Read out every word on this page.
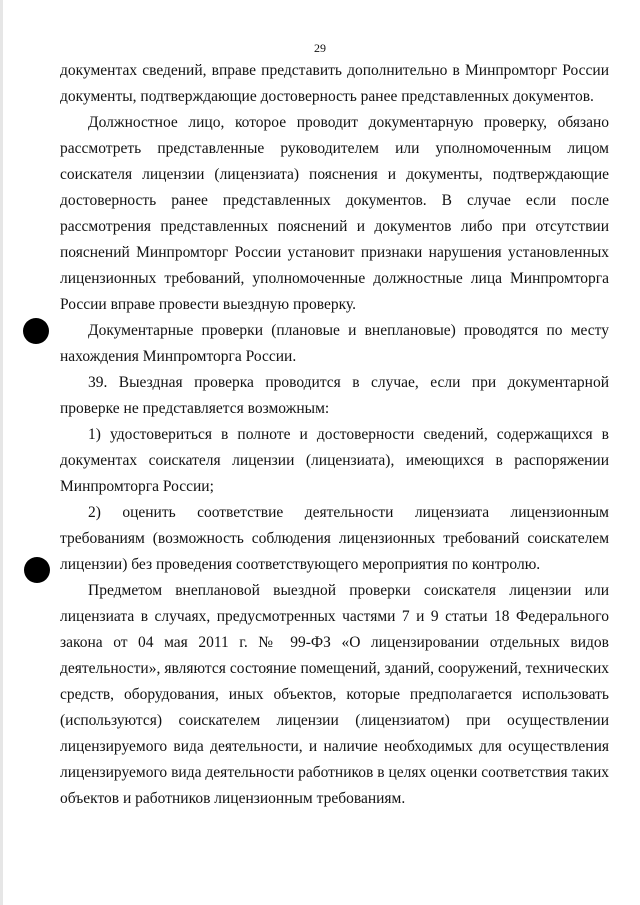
29

документах сведений, вправе представить дополнительно в Минпромторг России документы, подтверждающие достоверность ранее представленных документов.

Должностное лицо, которое проводит документарную проверку, обязано рассмотреть представленные руководителем или уполномоченным лицом соискателя лицензии (лицензиата) пояснения и документы, подтверждающие достоверность ранее представленных документов. В случае если после рассмотрения представленных пояснений и документов либо при отсутствии пояснений Минпромторг России установит признаки нарушения установленных лицензионных требований, уполномоченные должностные лица Минпромторга России вправе провести выездную проверку.

Документарные проверки (плановые и внеплановые) проводятся по месту нахождения Минпромторга России.

39. Выездная проверка проводится в случае, если при документарной проверке не представляется возможным:

1) удостовериться в полноте и достоверности сведений, содержащихся в документах соискателя лицензии (лицензиата), имеющихся в распоряжении Минпромторга России;

2) оценить соответствие деятельности лицензиата лицензионным требованиям (возможность соблюдения лицензионных требований соискателем лицензии) без проведения соответствующего мероприятия по контролю.

Предметом внеплановой выездной проверки соискателя лицензии или лицензиата в случаях, предусмотренных частями 7 и 9 статьи 18 Федерального закона от 04 мая 2011 г. № 99-ФЗ «О лицензировании отдельных видов деятельности», являются состояние помещений, зданий, сооружений, технических средств, оборудования, иных объектов, которые предполагается использовать (используются) соискателем лицензии (лицензиатом) при осуществлении лицензируемого вида деятельности, и наличие необходимых для осуществления лицензируемого вида деятельности работников в целях оценки соответствия таких объектов и работников лицензионным требованиям.
